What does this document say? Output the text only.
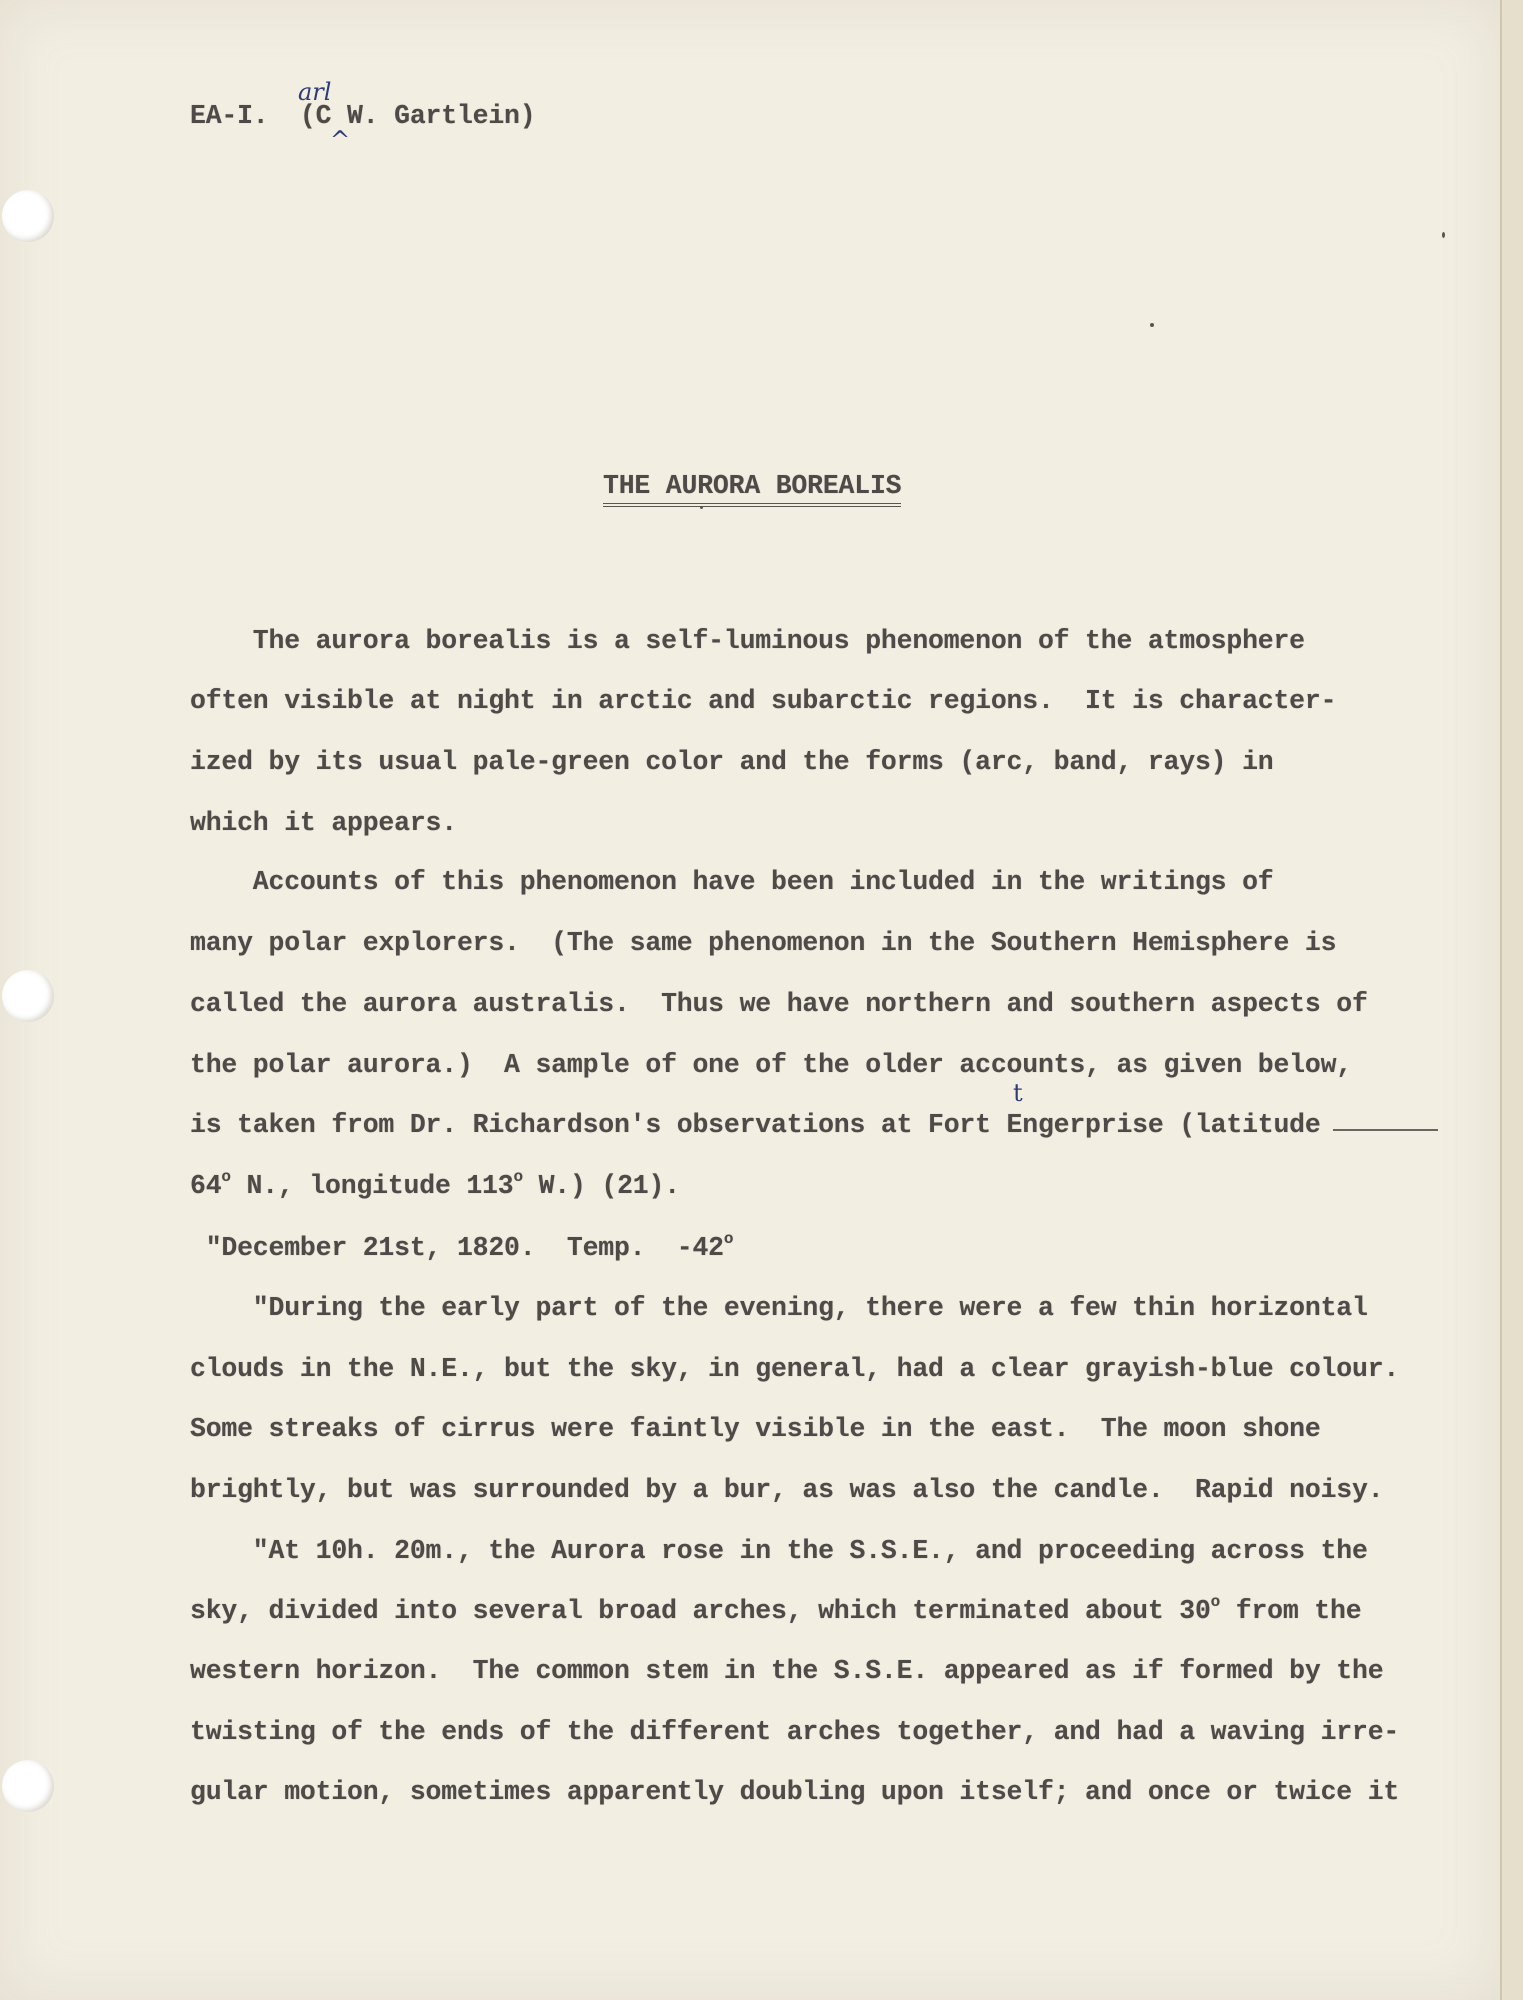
EA-I. (C W. Gartlein)
arl
^
THE AURORA BOREALIS
The aurora borealis is a self-luminous phenomenon of the atmosphere
often visible at night in arctic and subarctic regions.  It is character-
ized by its usual pale-green color and the forms (arc, band, rays) in
which it appears.
Accounts of this phenomenon have been included in the writings of
many polar explorers.  (The same phenomenon in the Southern Hemisphere is
called the aurora australis.  Thus we have northern and southern aspects of
the polar aurora.)  A sample of one of the older accounts, as given below,
is taken from Dr. Richardson's observations at Fort Engerprise (latitude
t
64$^o$ N., longitude 113$^o$ W.) (21).
"December 21st, 1820.  Temp.  -42$^o$
"During the early part of the evening, there were a few thin horizontal
clouds in the N.E., but the sky, in general, had a clear grayish-blue colour.
Some streaks of cirrus were faintly visible in the east.  The moon shone
brightly, but was surrounded by a bur, as was also the candle.  Rapid noisy.
"At 10h. 20m., the Aurora rose in the S.S.E., and proceeding across the
sky, divided into several broad arches, which terminated about 30$^o$ from the
western horizon.  The common stem in the S.S.E. appeared as if formed by the
twisting of the ends of the different arches together, and had a waving irre-
gular motion, sometimes apparently doubling upon itself; and once or twice it
